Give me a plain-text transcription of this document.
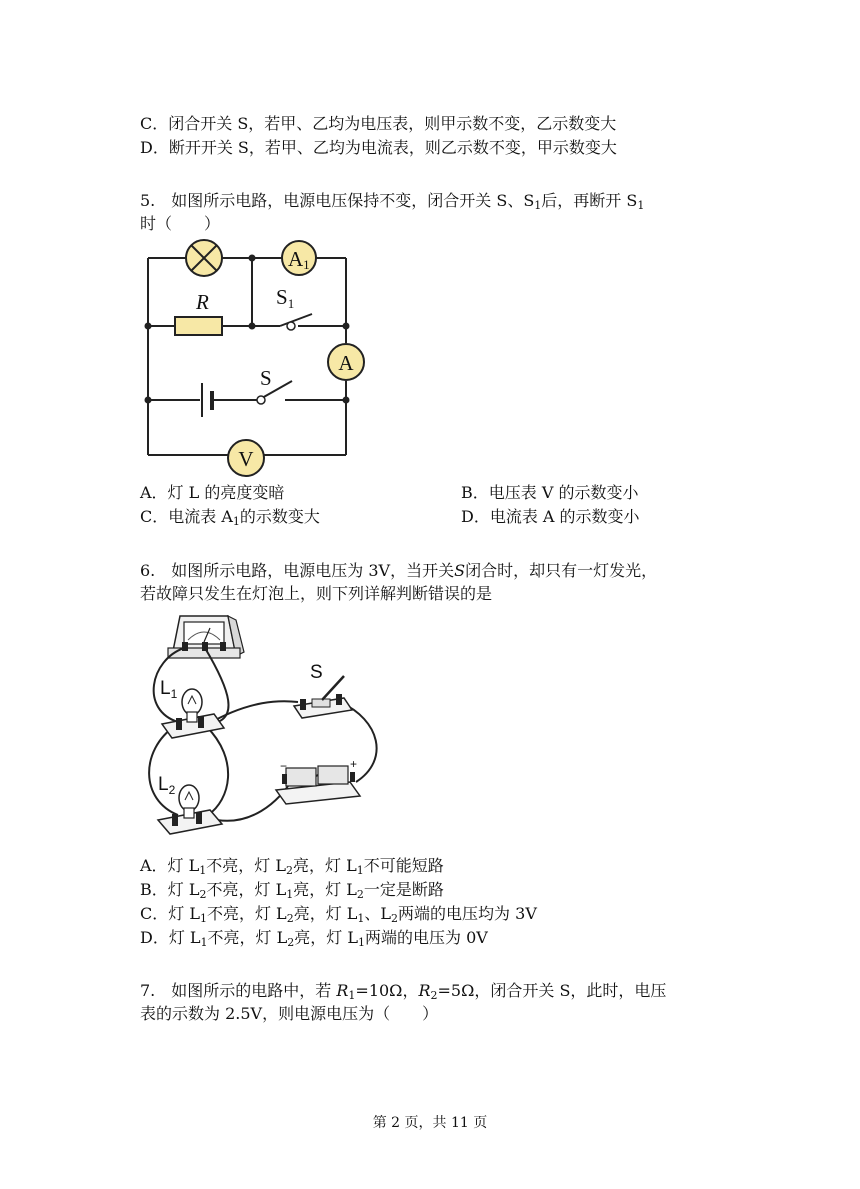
C．闭合开关 S，若甲、乙均为电压表，则甲示数不变，乙示数变大
D．断开开关 S，若甲、乙均为电流表，则乙示数不变，甲示数变大
5.　如图所示电路，电源电压保持不变，闭合开关 S、$S_1$后，再断开 $S_1$
时（　　）
A1
A
V
R	S1
S
A．灯 L 的亮度变暗	B．电压表 V 的示数变小
C．电流表 $A_1$的示数变大	D．电流表 A 的示数变小
6.　如图所示电路，电源电压为 3V，当开关S闭合时，却只有一灯发光，
若故障只发生在灯泡上，则下列详解判断错误的是
$L_1$
$L_2$
S
−	+
A．灯 $L_1$不亮，灯 $L_2$亮，灯 $L_1$不可能短路
B．灯 $L_2$不亮，灯 $L_1$亮，灯 $L_2$一定是断路
C．灯 $L_1$不亮，灯 $L_2$亮，灯 $L_1$、$L_2$两端的电压均为 3V
D．灯 $L_1$不亮，灯 $L_2$亮，灯 $L_1$两端的电压为 0V
7.　如图所示的电路中，若 $R_1=10\Omega$，$R_2=5\Omega$，闭合开关 S，此时，电压
表的示数为 2.5V，则电源电压为（　　）
第 2 页，共 11 页
